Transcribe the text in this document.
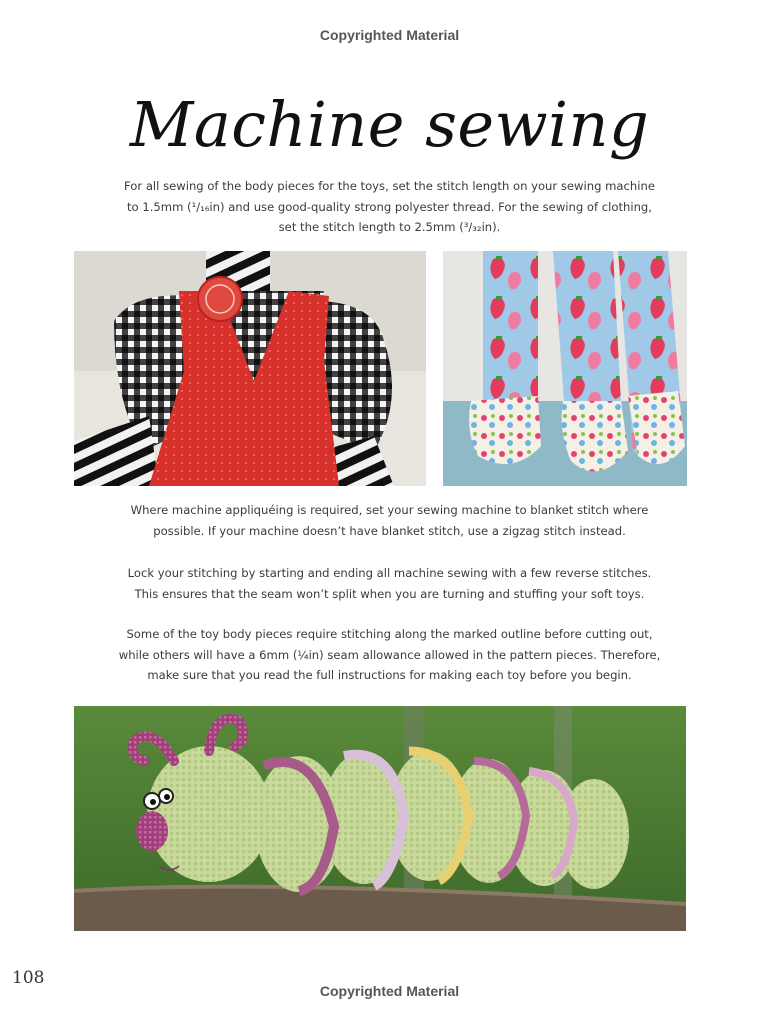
Copyrighted Material
Machine sewing
For all sewing of the body pieces for the toys, set the stitch length on your sewing machine to 1.5mm (¹/₁₆in) and use good-quality strong polyester thread. For the sewing of clothing, set the stitch length to 2.5mm (³/₃₂in).
Where machine appliquéing is required, set your sewing machine to blanket stitch where possible. If your machine doesn’t have blanket stitch, use a zigzag stitch instead.
Lock your stitching by starting and ending all machine sewing with a few reverse stitches. This ensures that the seam won’t split when you are turning and stuffing your soft toys.
Some of the toy body pieces require stitching along the marked outline before cutting out, while others will have a 6mm (¼in) seam allowance allowed in the pattern pieces. Therefore, make sure that you read the full instructions for making each toy before you begin.
108
Copyrighted Material
